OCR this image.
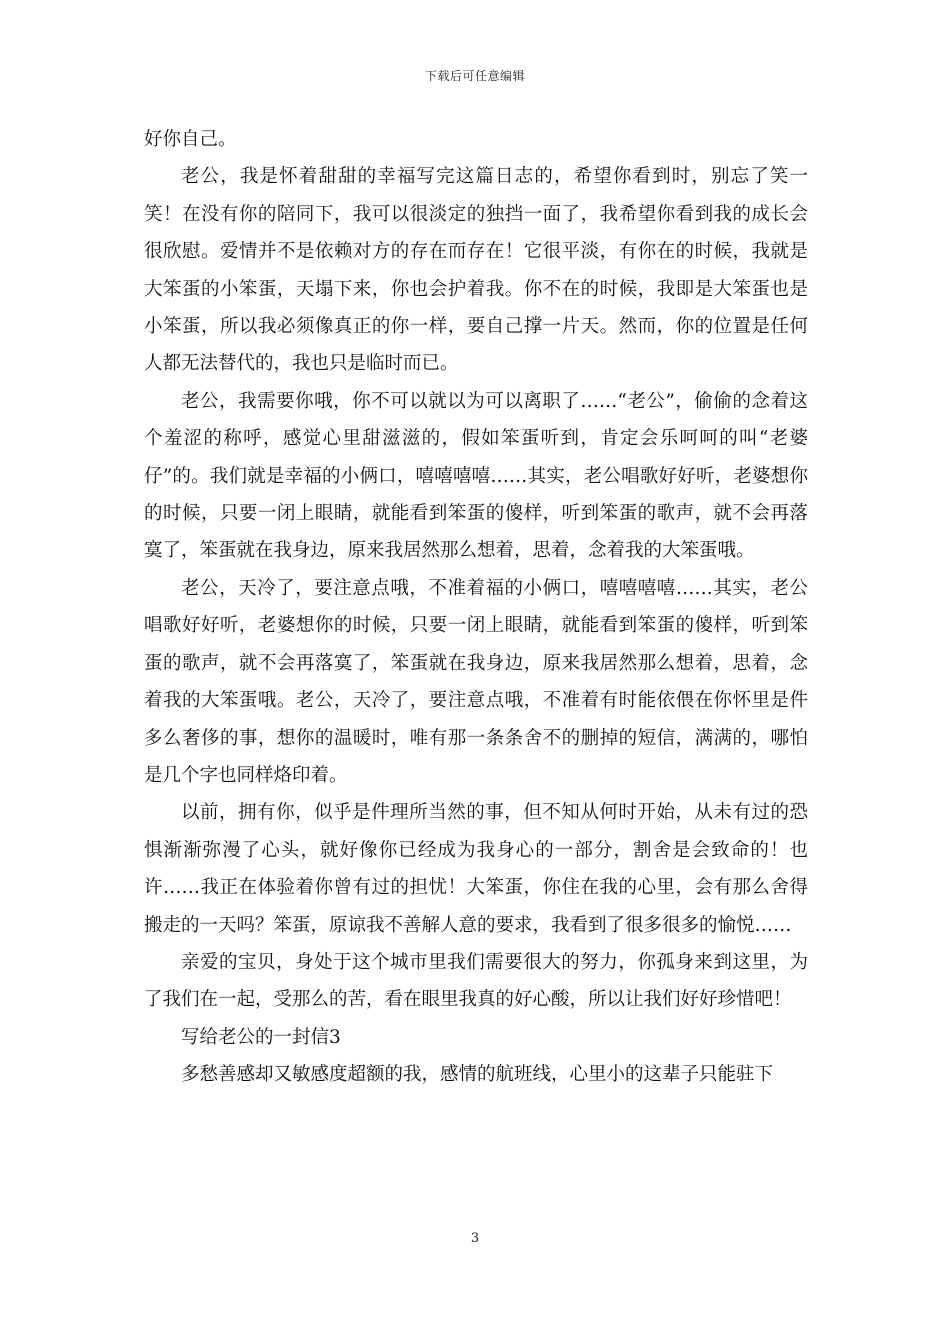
下载后可任意编辑

好你自己。

老公，我是怀着甜甜的幸福写完这篇日志的，希望你看到时，别忘了笑一笑！在没有你的陪同下，我可以很淡定的独挡一面了，我希望你看到我的成长会很欣慰。爱情并不是依赖对方的存在而存在！它很平淡，有你在的时候，我就是大笨蛋的小笨蛋，天塌下来，你也会护着我。你不在的时候，我即是大笨蛋也是小笨蛋，所以我必须像真正的你一样，要自己撑一片天。然而，你的位置是任何人都无法替代的，我也只是临时而已。

老公，我需要你哦，你不可以就以为可以离职了……“老公”，偷偷的念着这个羞涩的称呼，感觉心里甜滋滋的，假如笨蛋听到，肯定会乐呵呵的叫“老婆仔”的。我们就是幸福的小俩口，嘻嘻嘻嘻……其实，老公唱歌好好听，老婆想你的时候，只要一闭上眼睛，就能看到笨蛋的傻样，听到笨蛋的歌声，就不会再落寞了，笨蛋就在我身边，原来我居然那么想着，思着，念着我的大笨蛋哦。

老公，天冷了，要注意点哦，不准着福的小俩口，嘻嘻嘻嘻……其实，老公唱歌好好听，老婆想你的时候，只要一闭上眼睛，就能看到笨蛋的傻样，听到笨蛋的歌声，就不会再落寞了，笨蛋就在我身边，原来我居然那么想着，思着，念着我的大笨蛋哦。老公，天冷了，要注意点哦，不准着有时能依偎在你怀里是件多么奢侈的事，想你的温暖时，唯有那一条条舍不的删掉的短信，满满的，哪怕是几个字也同样烙印着。

以前，拥有你，似乎是件理所当然的事，但不知从何时开始，从未有过的恐惧渐渐弥漫了心头，就好像你已经成为我身心的一部分，割舍是会致命的！也许……我正在体验着你曾有过的担忧！大笨蛋，你住在我的心里，会有那么舍得搬走的一天吗？笨蛋，原谅我不善解人意的要求，我看到了很多很多的愉悦……

亲爱的宝贝，身处于这个城市里我们需要很大的努力，你孤身来到这里，为了我们在一起，受那么的苦，看在眼里我真的好心酸，所以让我们好好珍惜吧！

写给老公的一封信3

多愁善感却又敏感度超额的我，感情的航班线，心里小的这辈子只能驻下

3
